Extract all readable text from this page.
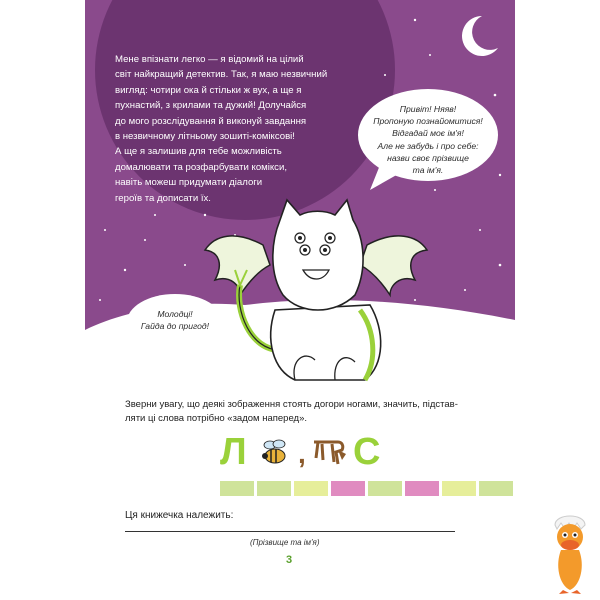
Мене впізнати легко — я відомий на цілий
світ найкращий детектив. Так, я маю незвичний
вигляд: чотири ока й стільки ж вух, а ще я
пухнастий, з крилами та дужий! Долучайся
до мого розслідування й виконуй завдання
в незвичному літньому зошиті-коміксові!
А ще я залишив для тебе можливість
домалювати та розфарбувати комікси,
навіть можеш придумати діалоги
героїв та дописати їх.

Привіт! Няяв!
Пропоную познайомитися!
Відгадай моє ім'я!
Але не забудь і про себе:
назви своє прізвище
та ім'я.
Молодці!
Гайда до пригод!

Зверни увагу, що деякі зображення стоять догори ногами, значить, підстав-
ляти ці слова потрібно «задом наперед».

Л , С
Ця книжечка належить:
(Прізвище та ім'я)
3
